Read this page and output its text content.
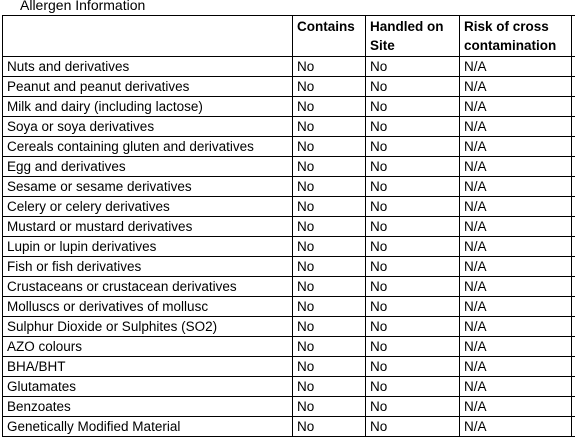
Allergen Information
	Contains	Handled on Site	Risk of cross contamination	
Nuts and derivatives	No	No	N/A	
Peanut and peanut derivatives	No	No	N/A	
Milk and dairy (including lactose)	No	No	N/A	
Soya or soya derivatives	No	No	N/A	
Cereals containing gluten and derivatives	No	No	N/A	
Egg and derivatives	No	No	N/A	
Sesame or sesame derivatives	No	No	N/A	
Celery or celery derivatives	No	No	N/A	
Mustard or mustard derivatives	No	No	N/A	
Lupin or lupin derivatives	No	No	N/A	
Fish or fish derivatives	No	No	N/A	
Crustaceans or crustacean derivatives	No	No	N/A	
Molluscs or derivatives of mollusc	No	No	N/A	
Sulphur Dioxide or Sulphites (SO2)	No	No	N/A	
AZO colours	No	No	N/A	
BHA/BHT	No	No	N/A	
Glutamates	No	No	N/A	
Benzoates	No	No	N/A	
Genetically Modified Material	No	No	N/A	
